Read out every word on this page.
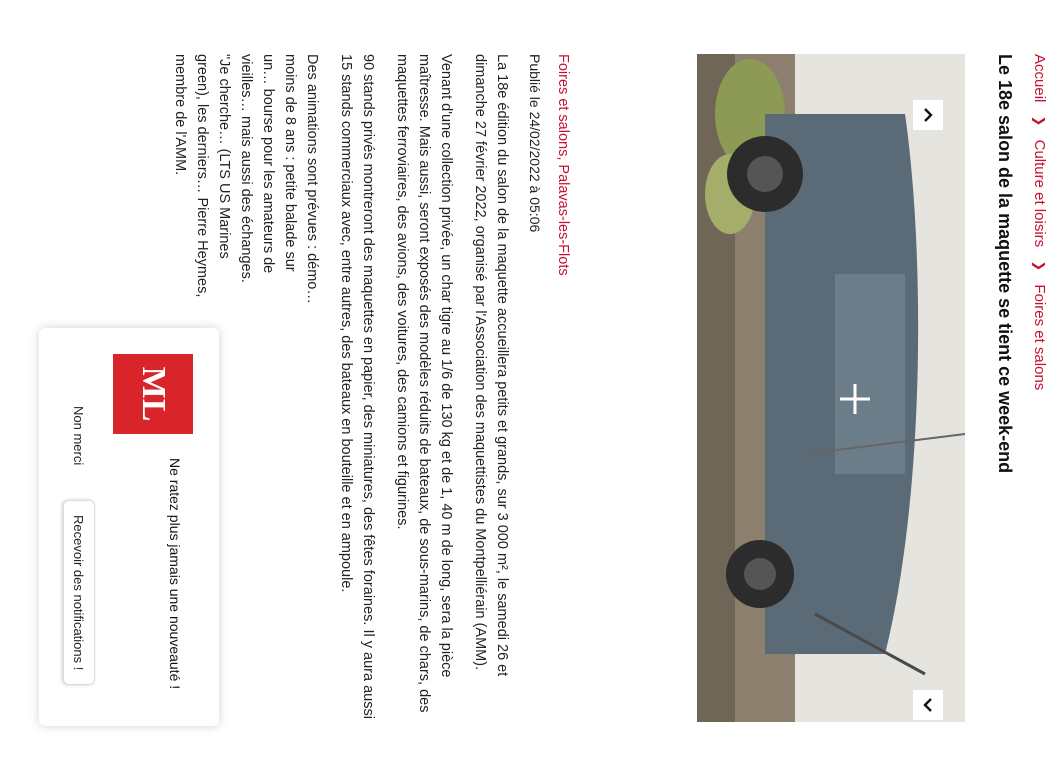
Accueil ❯ Culture et loisirs ❯ Foires et salons
Le 18e salon de la maquette se tient ce week-end
Foires et salons, Palavas-les-Flots
Publié le 24/02/2022 à 05:06

La 18e édition du salon de la maquette accueillera petits et grands, sur 3 000 m², le samedi 26 et dimanche 27 février 2022, organisé par l'Association des maquettistes du Montpelliérain (AMM).

Venant d'une collection privée, un char tigre au 1/6 de 130 kg et de 1, 40 m de long, sera la pièce maîtresse. Mais aussi, seront exposés des modèles réduits de bateaux, de sous-marins, de chars, des maquettes ferroviaires, des avions, des voitures, des camions et figurines.

90 stands privés montreront des maquettes en papier, des miniatures, des fêtes foraines. Il y aura aussi 15 stands commerciaux avec, entre autres, des bateaux en bouteille et en ampoule.

Des animations sont prévues : démo… moins de 8 ans : petite balade sur un… bourse pour les amateurs de vieilles… mais aussi des échanges. "Je cherche… (LTS US Marines green), les derniers… Pierre Heymes, membre de l'AMM.

ML
Ne ratez plus jamais une nouveauté !
Non merci
Recevoir des notifications !
